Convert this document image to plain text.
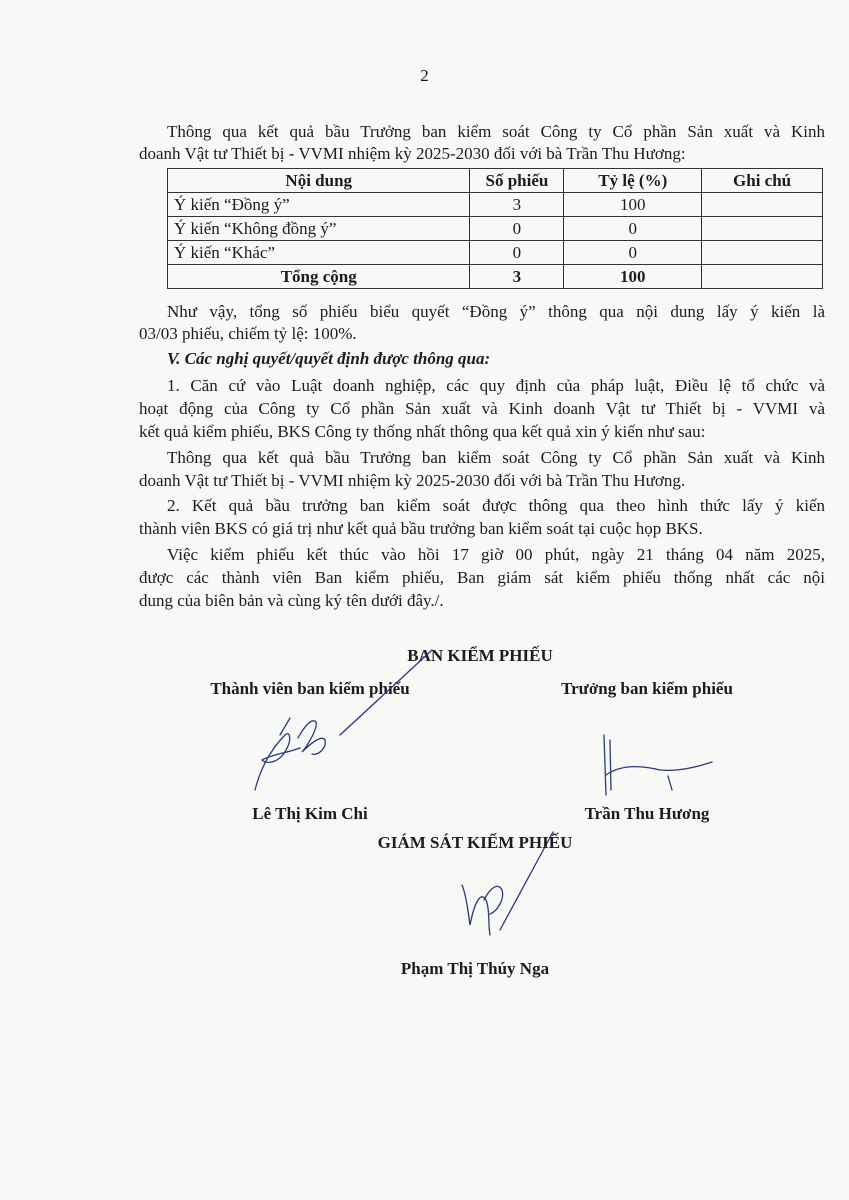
2
Thông qua kết quả bầu Trưởng ban kiểm soát Công ty Cổ phần Sản xuất và Kinh
doanh Vật tư Thiết bị - VVMI nhiệm kỳ 2025-2030 đối với bà Trần Thu Hương:
Nội dung	Số phiếu	Tỷ lệ (%)	Ghi chú
Ý kiến “Đồng ý”	3	100	
Ý kiến “Không đồng ý”	0	0	
Ý kiến “Khác”	0	0	
Tổng cộng	3	100	
Như vậy, tổng số phiếu biểu quyết “Đồng ý” thông qua nội dung lấy ý kiến là
03/03 phiếu, chiếm tỷ lệ: 100%.
V. Các nghị quyết/quyết định được thông qua:
1. Căn cứ vào Luật doanh nghiệp, các quy định của pháp luật, Điều lệ tổ chức và
hoạt động của Công ty Cổ phần Sản xuất và Kinh doanh Vật tư Thiết bị - VVMI và
kết quả kiểm phiếu, BKS Công ty thống nhất thông qua kết quả xin ý kiến như sau:
Thông qua kết quả bầu Trưởng ban kiểm soát Công ty Cổ phần Sản xuất và Kinh
doanh Vật tư Thiết bị - VVMI nhiệm kỳ 2025-2030 đối với bà Trần Thu Hương.
2. Kết quả bầu trưởng ban kiểm soát được thông qua theo hình thức lấy ý kiến
thành viên BKS có giá trị như kết quả bầu trưởng ban kiểm soát tại cuộc họp BKS.
Việc kiểm phiếu kết thúc vào hồi 17 giờ 00 phút, ngày 21 tháng 04 năm 2025,
được các thành viên Ban kiểm phiếu, Ban giám sát kiểm phiếu thống nhất các nội
dung của biên bản và cùng ký tên dưới đây./.
BAN KIỂM PHIẾU
Thành viên ban kiểm phiếu	Trưởng ban kiểm phiếu
Lê Thị Kim Chi	Trần Thu Hương
GIÁM SÁT KIỂM PHIẾU
Phạm Thị Thúy Nga
